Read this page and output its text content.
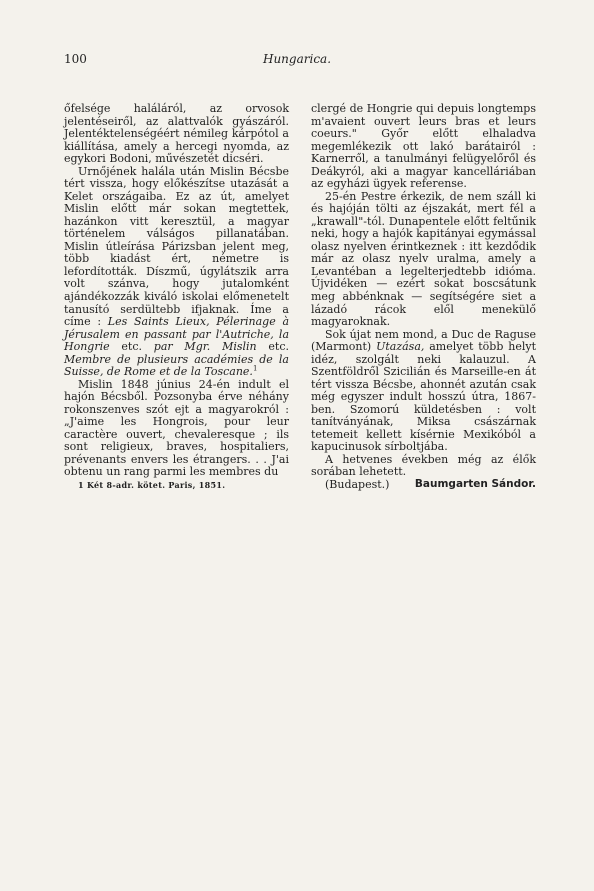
100	Hungarica.

őfelsége haláláról, az orvosok jelentéseiről, az alattvalók gyászáról. Jelentéktelenségéért némileg kárpótol a kiállítása, amely a hercegi nyomda, az egykori Bodoni, művészetét dicséri.

Urnőjének halála után Mislin Bécsbe tért vissza, hogy előkészítse utazását a Kelet országaiba. Ez az út, amelyet Mislin előtt már sokan megtettek, hazánkon vitt keresztül, a magyar történelem válságos pillanatában. Mislin útleírása Párizsban jelent meg, több kiadást ért, németre is lefordították. Díszmű, úgylátszik arra volt szánva, hogy jutalomként ajándékozzák kiváló iskolai előmenetelt tanusító serdültebb ifjaknak. Íme a címe : Les Saints Lieux, Pélerinage à Jérusalem en passant par l'Autriche, la Hongrie etc. par Mgr. Mislin etc. Membre de plusieurs académies de la Suisse, de Rome et de la Toscane.$^1$

Mislin 1848 június 24-én indult el hajón Bécsből. Pozsonyba érve néhány rokonszenves szót ejt a magyarokról : „J'aime les Hongrois, pour leur caractère ouvert, chevaleresque ; ils sont religieux, braves, hospitaliers, prévenants envers les étrangers. . . J'ai obtenu un rang parmi les membres du

1 Két 8-adr. kötet. Paris, 1851.

clergé de Hongrie qui depuis longtemps m'avaient ouvert leurs bras et leurs coeurs." Győr előtt elhaladva megemlékezik ott lakó barátairól : Karnerről, a tanulmányi felügyelőről és Deákyról, aki a magyar kancelláriában az egyházi ügyek referense.

25-én Pestre érkezik, de nem száll ki és hajóján tölti az éjszakát, mert fél a „krawall"-tól. Dunapentele előtt feltűnik neki, hogy a hajók kapitányai egymással olasz nyelven érintkeznek : itt kezdődik már az olasz nyelv uralma, amely a Levantéban a legelterjedtebb idióma. Újvidéken — ezért sokat boscsátunk meg abbénknak — segítségére siet a lázadó rácok elől menekülő magyaroknak.

Sok újat nem mond, a Duc de Raguse (Marmont) Utazása, amelyet több helyt idéz, szolgált neki kalauzul. A Szentföldről Szicilián és Marseille-en át tért vissza Bécsbe, ahonnét azután csak még egyszer indult hosszú útra, 1867-ben. Szomorú küldetésben : volt tanítványának, Miksa császárnak tetemeit kellett kísérnie Mexikóból a kapucinusok sírboltjába.

A hetvenes években még az élők sorában lehetett.

(Budapest.) Baumgarten Sándor.
